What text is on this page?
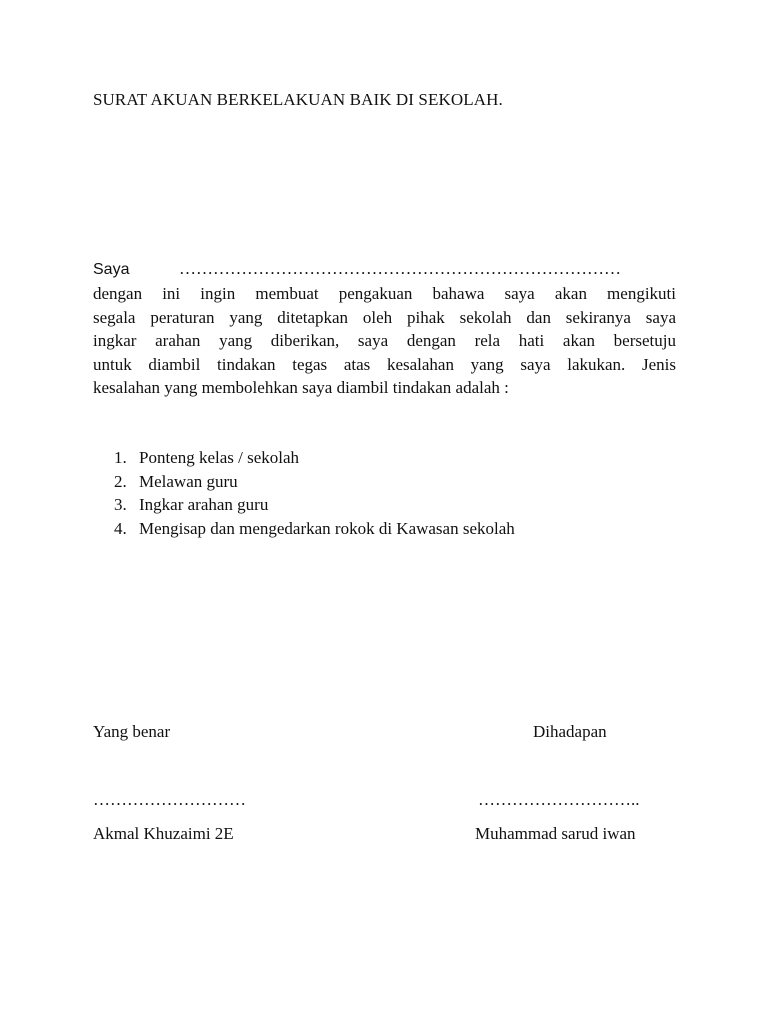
SURAT AKUAN BERKELAKUAN BAIK DI SEKOLAH.
Saya	……………………………………………………………………
dengan ini ingin membuat pengakuan bahawa saya akan mengikuti
segala peraturan yang ditetapkan oleh pihak sekolah dan sekiranya saya
ingkar arahan yang diberikan, saya dengan rela hati akan bersetuju
untuk diambil tindakan tegas atas kesalahan yang saya lakukan. Jenis
kesalahan yang membolehkan saya diambil tindakan adalah :
1. Ponteng kelas / sekolah
2. Melawan guru
3. Ingkar arahan guru
4. Mengisap dan mengedarkan rokok di Kawasan sekolah
Yang benar	Dihadapan
………………………	………………………..
Akmal Khuzaimi 2E	Muhammad sarud iwan
